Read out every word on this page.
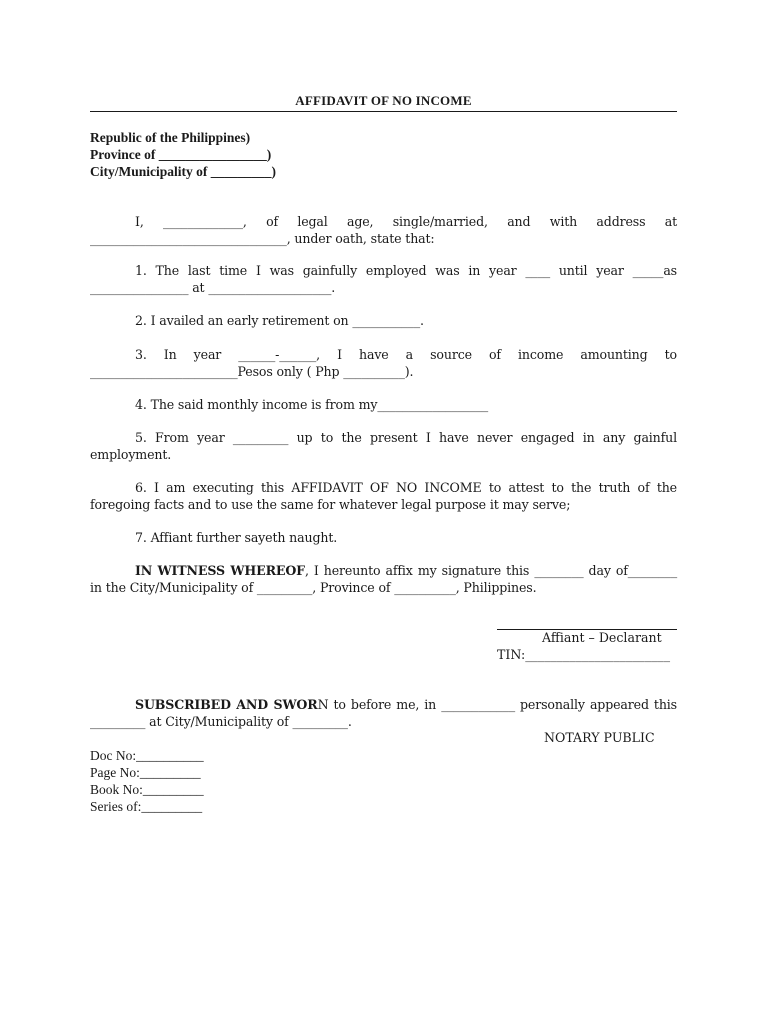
AFFIDAVIT OF NO INCOME
Republic of the Philippines)
Province of ________________)
City/Municipality of _________)

I, _____________, of legal age, single/married, and with address at ________________________________, under oath, state that:

1. The last time I was gainfully employed was in year ____ until year _____as ________________ at ____________________.

2. I availed an early retirement on ___________.

3. In year ______-______, I have a source of income amounting to ________________________Pesos only ( Php __________).

4. The said monthly income is from my__________________

5. From year _________ up to the present I have never engaged in any gainful employment.

6. I am executing this AFFIDAVIT OF NO INCOME to attest to the truth of the foregoing facts and to use the same for whatever legal purpose it may serve;

7. Affiant further sayeth naught.

IN WITNESS WHEREOF, I hereunto affix my signature this ________ day of________ in the City/Municipality of _________, Province of __________, Philippines.

Affiant – Declarant
TIN:_______________________

SUBSCRIBED AND SWORN to before me, in ____________ personally appeared this _________ at City/Municipality of _________.

NOTARY PUBLIC
Doc No:__________
Page No:_________
Book No:_________
Series of:_________
